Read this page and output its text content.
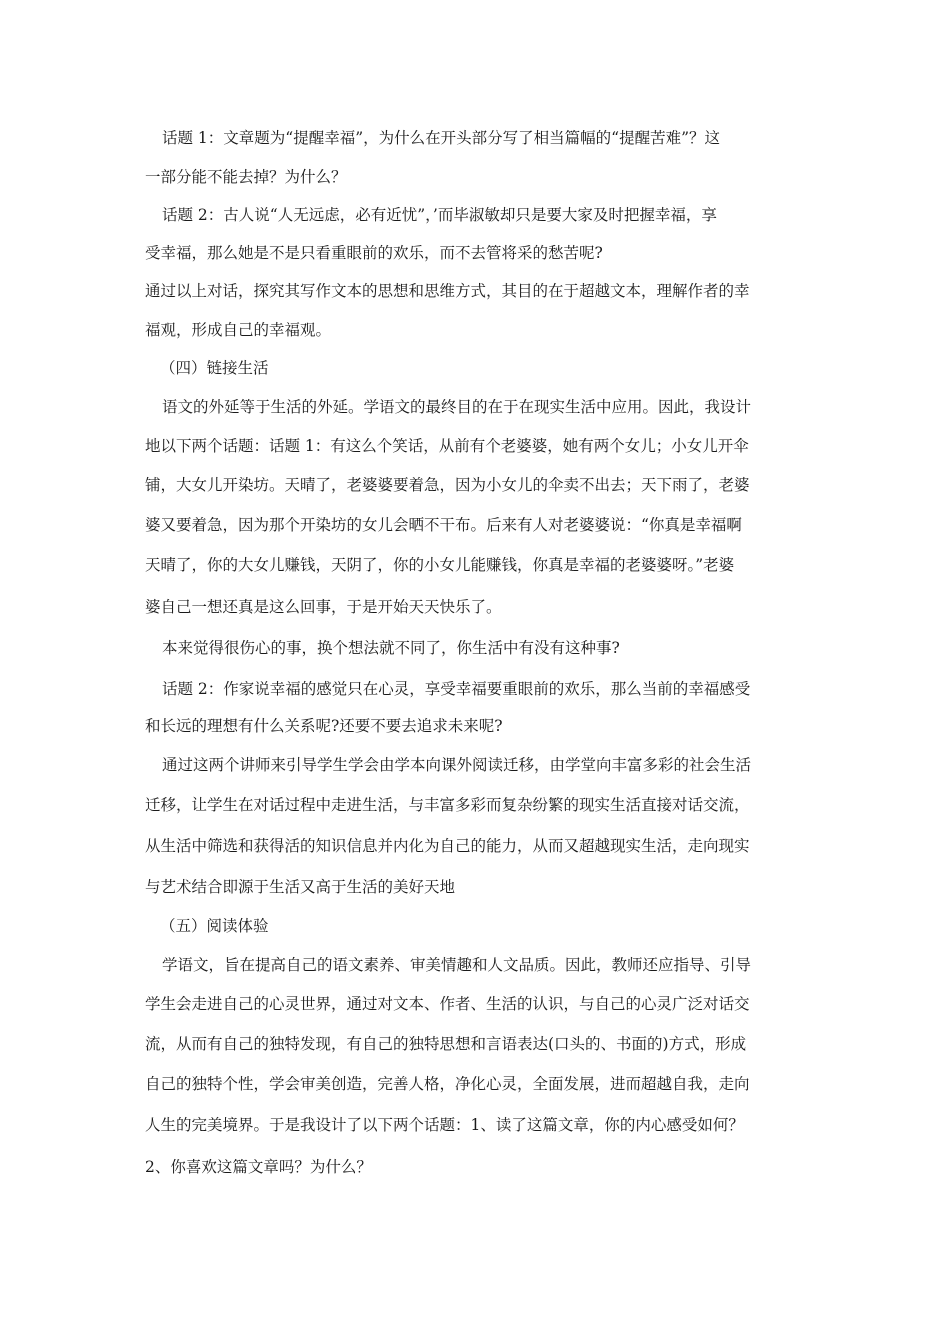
话题 1：文章题为“提醒幸福”，为什么在开头部分写了相当篇幅的“提醒苦难”？这
一部分能不能去掉？为什么？
话题 2：古人说“人无远虑，必有近忧”，’而毕淑敏却只是要大家及时把握幸福，享
受幸福，那么她是不是只看重眼前的欢乐，而不去管将采的愁苦呢?
通过以上对话，探究其写作文本的思想和思维方式，其目的在于超越文本，理解作者的幸
福观，形成自己的幸福观。
（四）链接生活
语文的外延等于生活的外延。学语文的最终目的在于在现实生活中应用。因此，我设计
地以下两个话题：话题 1：有这么个笑话，从前有个老婆婆，她有两个女儿；小女儿开伞
铺，大女儿开染坊。天晴了，老婆婆要着急，因为小女儿的伞卖不出去；天下雨了，老婆
婆又要着急，因为那个开染坊的女儿会晒不干布。后来有人对老婆婆说：“你真是幸福啊
天晴了，你的大女儿赚钱，天阴了，你的小女儿能赚钱，你真是幸福的老婆婆呀。”老婆
婆自己一想还真是这么回事，于是开始天天快乐了。
本来觉得很伤心的事，换个想法就不同了，你生活中有没有这种事?
话题 2：作家说幸福的感觉只在心灵，享受幸福要重眼前的欢乐，那么当前的幸福感受
和长远的理想有什么关系呢?还要不要去追求未来呢?
通过这两个讲师来引导学生学会由学本向课外阅读迁移，由学堂向丰富多彩的社会生活
迁移，让学生在对话过程中走进生活，与丰富多彩而复杂纷繁的现实生活直接对话交流，
从生活中筛选和获得活的知识信息并内化为自己的能力，从而又超越现实生活，走向现实
与艺术结合即源于生活又高于生活的美好天地
（五）阅读体验
学语文，旨在提高自己的语文素养、审美情趣和人文品质。因此，教师还应指导、引导
学生会走进自己的心灵世界，通过对文本、作者、生活的认识，与自己的心灵广泛对话交
流，从而有自己的独特发现，有自己的独特思想和言语表达(口头的、书面的)方式，形成
自己的独特个性，学会审美创造，完善人格，净化心灵，全面发展，进而超越自我，走向
人生的完美境界。于是我设计了以下两个话题：1、读了这篇文章，你的内心感受如何？
2、你喜欢这篇文章吗？为什么？
